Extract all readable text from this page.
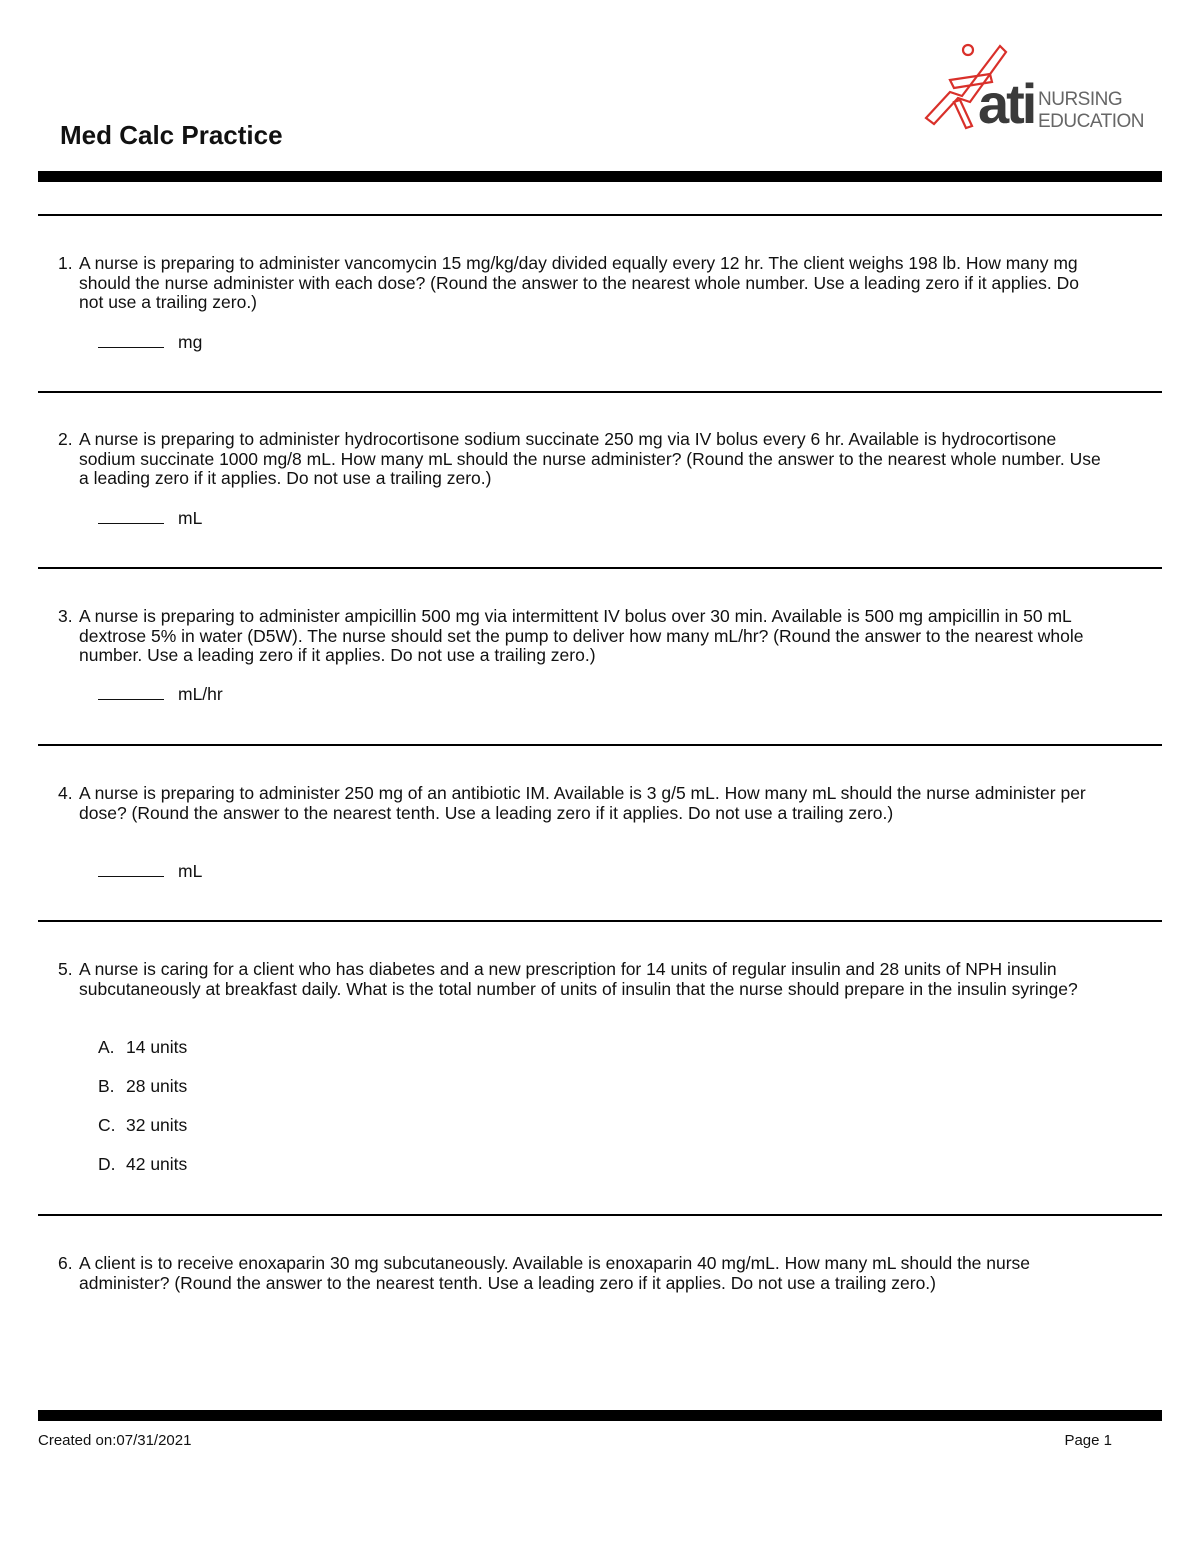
Med Calc Practice	ati NURSING
EDUCATION
1. A nurse is preparing to administer vancomycin 15 mg/kg/day divided equally every 12 hr. The client weighs 198 lb. How many mg should the nurse administer with each dose? (Round the answer to the nearest whole number. Use a leading zero if it applies. Do not use a trailing zero.)
mg
2. A nurse is preparing to administer hydrocortisone sodium succinate 250 mg via IV bolus every 6 hr. Available is hydrocortisone sodium succinate 1000 mg/8 mL. How many mL should the nurse administer? (Round the answer to the nearest whole number. Use a leading zero if it applies. Do not use a trailing zero.)
mL
3. A nurse is preparing to administer ampicillin 500 mg via intermittent IV bolus over 30 min. Available is 500 mg ampicillin in 50 mL dextrose 5% in water (D5W). The nurse should set the pump to deliver how many mL/hr? (Round the answer to the nearest whole number. Use a leading zero if it applies. Do not use a trailing zero.)
mL/hr
4. A nurse is preparing to administer 250 mg of an antibiotic IM. Available is 3 g/5 mL. How many mL should the nurse administer per dose? (Round the answer to the nearest tenth. Use a leading zero if it applies. Do not use a trailing zero.)
mL
5. A nurse is caring for a client who has diabetes and a new prescription for 14 units of regular insulin and 28 units of NPH insulin subcutaneously at breakfast daily. What is the total number of units of insulin that the nurse should prepare in the insulin syringe?
A. 14 units
B. 28 units
C. 32 units
D. 42 units
6. A client is to receive enoxaparin 30 mg subcutaneously. Available is enoxaparin 40 mg/mL. How many mL should the nurse administer? (Round the answer to the nearest tenth. Use a leading zero if it applies. Do not use a trailing zero.)
Created on:07/31/2021	Page 1
